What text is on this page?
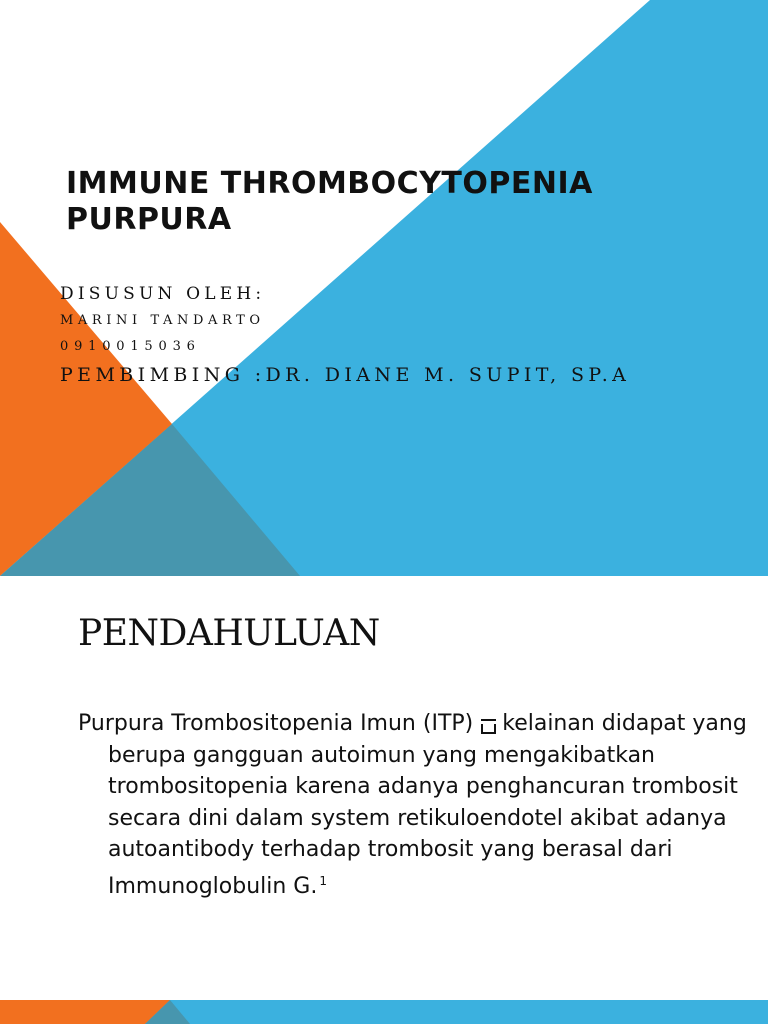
IMMUNE THROMBOCYTOPENIA
PURPURA
DISUSUN OLEH:
MARINI TANDARTO
0910015036
PEMBIMBING :DR. DIANE M. SUPIT, SP.A
PENDAHULUAN

Purpura Trombositopenia Imun (ITP) kelainan didapat yang berupa gangguan autoimun yang mengakibatkan trombositopenia karena adanya penghancuran trombosit secara dini dalam system retikuloendotel akibat adanya autoantibody terhadap trombosit yang berasal dari Immunoglobulin G. $^1$
